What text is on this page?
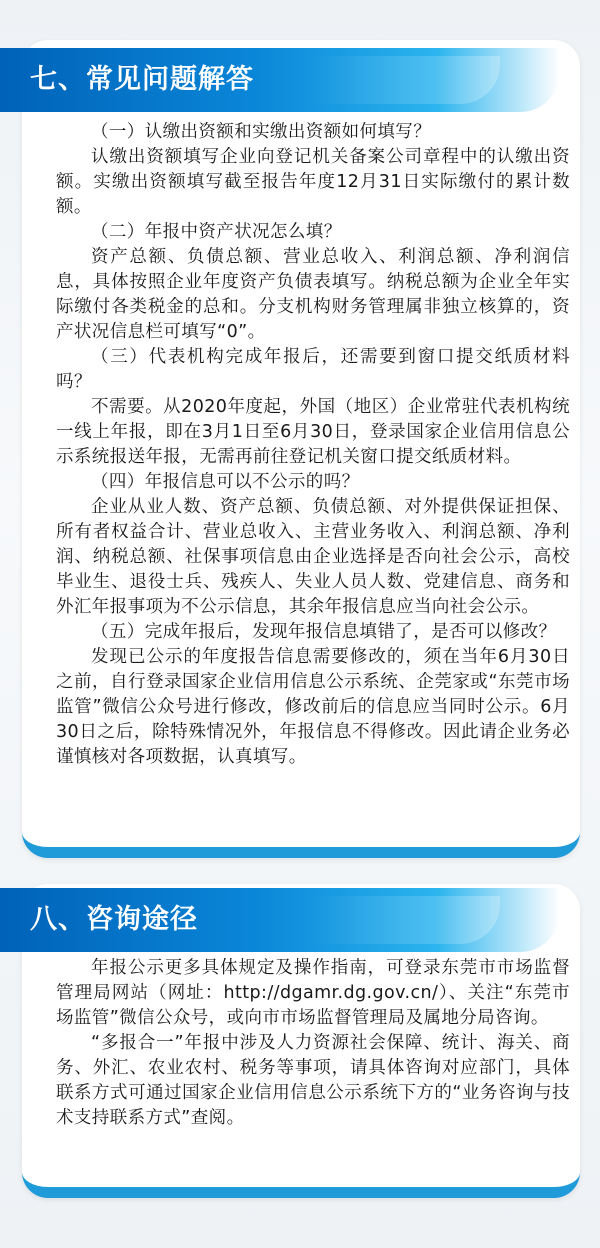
七、常见问题解答

（一）认缴出资额和实缴出资额如何填写？

认缴出资额填写企业向登记机关备案公司章程中的认缴出资额。实缴出资额填写截至报告年度12月31日实际缴付的累计数额。

（二）年报中资产状况怎么填？

资产总额、负债总额、营业总收入、利润总额、净利润信息，具体按照企业年度资产负债表填写。纳税总额为企业全年实际缴付各类税金的总和。分支机构财务管理属非独立核算的，资产状况信息栏可填写“0”。

（三）代表机构完成年报后，还需要到窗口提交纸质材料吗？

不需要。从2020年度起，外国（地区）企业常驻代表机构统一线上年报，即在3月1日至6月30日，登录国家企业信用信息公示系统报送年报，无需再前往登记机关窗口提交纸质材料。

（四）年报信息可以不公示的吗？

企业从业人数、资产总额、负债总额、对外提供保证担保、所有者权益合计、营业总收入、主营业务收入、利润总额、净利润、纳税总额、社保事项信息由企业选择是否向社会公示，高校毕业生、退役士兵、残疾人、失业人员人数、党建信息、商务和外汇年报事项为不公示信息，其余年报信息应当向社会公示。

（五）完成年报后，发现年报信息填错了，是否可以修改？

发现已公示的年度报告信息需要修改的，须在当年6月30日之前，自行登录国家企业信用信息公示系统、企莞家或“东莞市场监管”微信公众号进行修改，修改前后的信息应当同时公示。6月30日之后，除特殊情况外，年报信息不得修改。因此请企业务必谨慎核对各项数据，认真填写。

八、咨询途径

年报公示更多具体规定及操作指南，可登录东莞市市场监督管理局网站（网址：http://dgamr.dg.gov.cn/）、关注“东莞市场监管”微信公众号，或向市市场监督管理局及属地分局咨询。

“多报合一”年报中涉及人力资源社会保障、统计、海关、商务、外汇、农业农村、税务等事项，请具体咨询对应部门，具体联系方式可通过国家企业信用信息公示系统下方的“业务咨询与技术支持联系方式”查阅。
